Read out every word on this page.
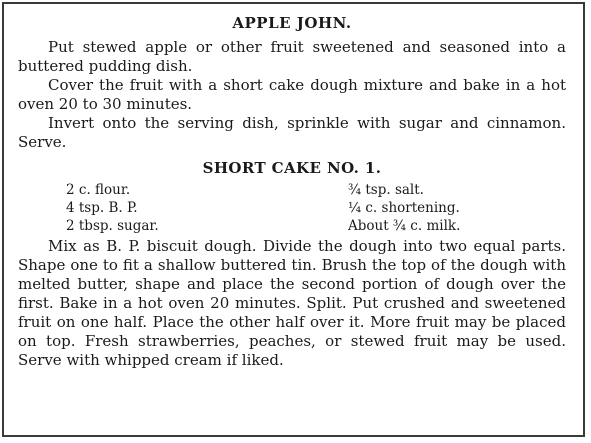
APPLE JOHN.

Put stewed apple or other fruit sweetened and seasoned into a buttered pudding dish.

Cover the fruit with a short cake dough mixture and bake in a hot oven 20 to 30 minutes.

Invert onto the serving dish, sprinkle with sugar and cinnamon. Serve.

SHORT CAKE NO. 1.
2 c. flour.
4 tsp. B. P.
2 tbsp. sugar.
¾ tsp. salt.
¼ c. shortening.
About ¾ c. milk.

Mix as B. P. biscuit dough. Divide the dough into two equal parts. Shape one to fit a shallow buttered tin. Brush the top of the dough with melted butter, shape and place the second portion of dough over the first. Bake in a hot oven 20 minutes. Split. Put crushed and sweetened fruit on one half. Place the other half over it. More fruit may be placed on top. Fresh strawberries, peaches, or stewed fruit may be used. Serve with whipped cream if liked.
